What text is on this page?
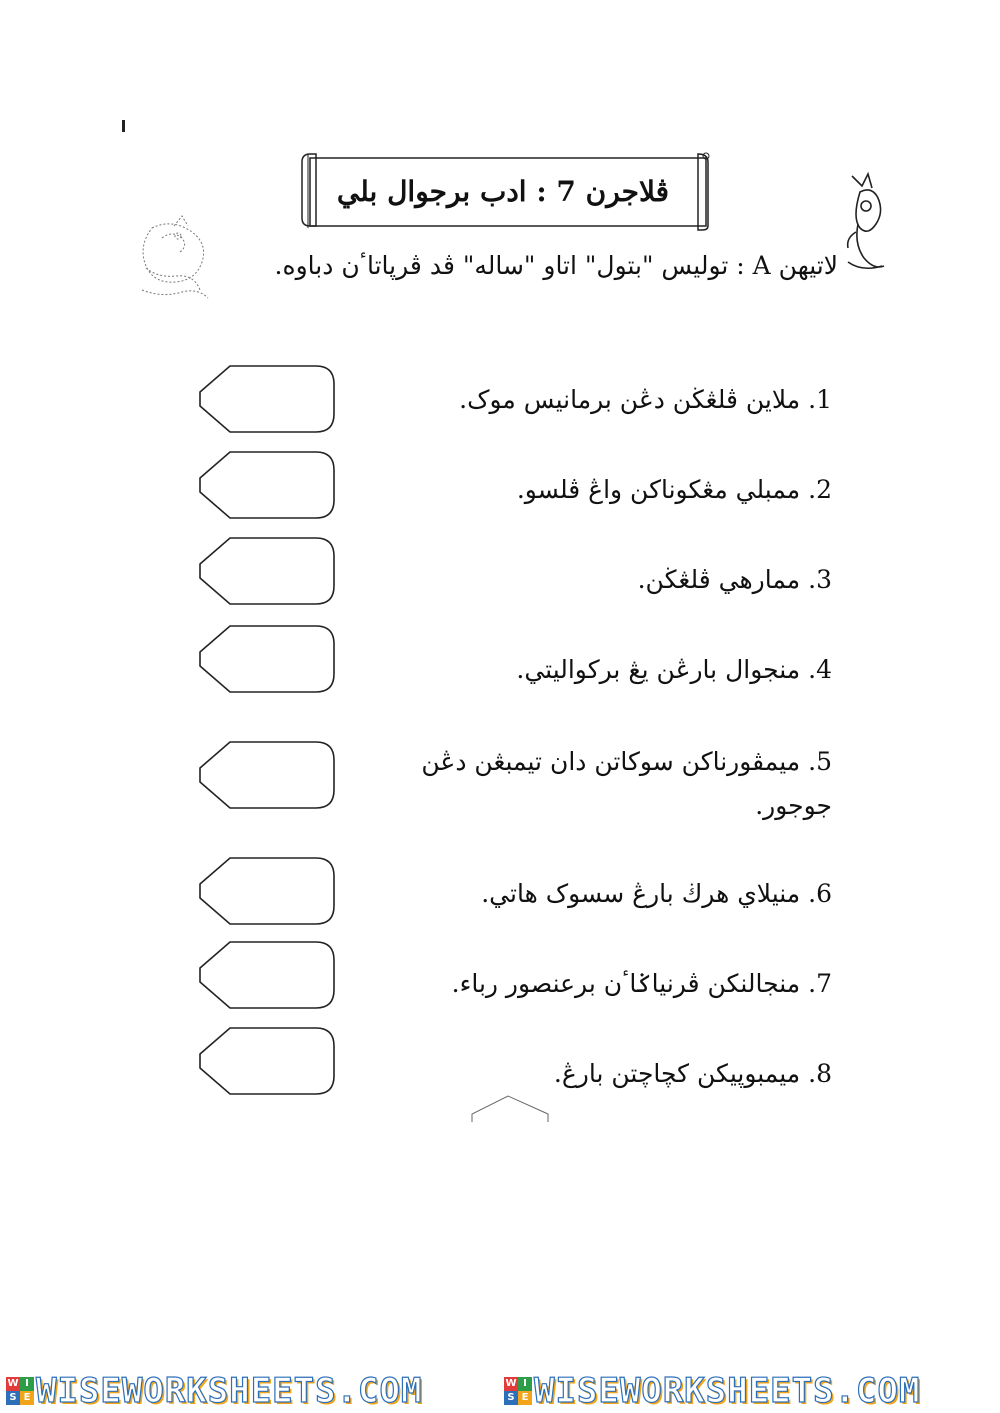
ڤلاجرن 7 : ادب برجوال بلي
لاتيهن A : توليس "بتول" اتاو "ساله" ڤد ڤرپاتاٴن دباوه.
1. ملاين ڤلڠڬن دڠن برمانيس موک.
2. ممبلي مڠكوناکن واڠ ڤلسو.
3. ممارهي ڤلڠڬن.
4. منجوال بارڠن يڠ بركواليتي.
5. ميمڤورناکن سوکاتن دان تيمبڠن دڠن جوجور.
6. منيلاي هرڬ بارڠ سسوک هاتي.
7. منجالنکن ڤرنياݢاٴن برعنصور رباء.
8. ميمبوپيکن کچاچتن بارڠ.
W I
S E WISEWORKSHEETS.COM	W I
S E WISEWORKSHEETS.COM
